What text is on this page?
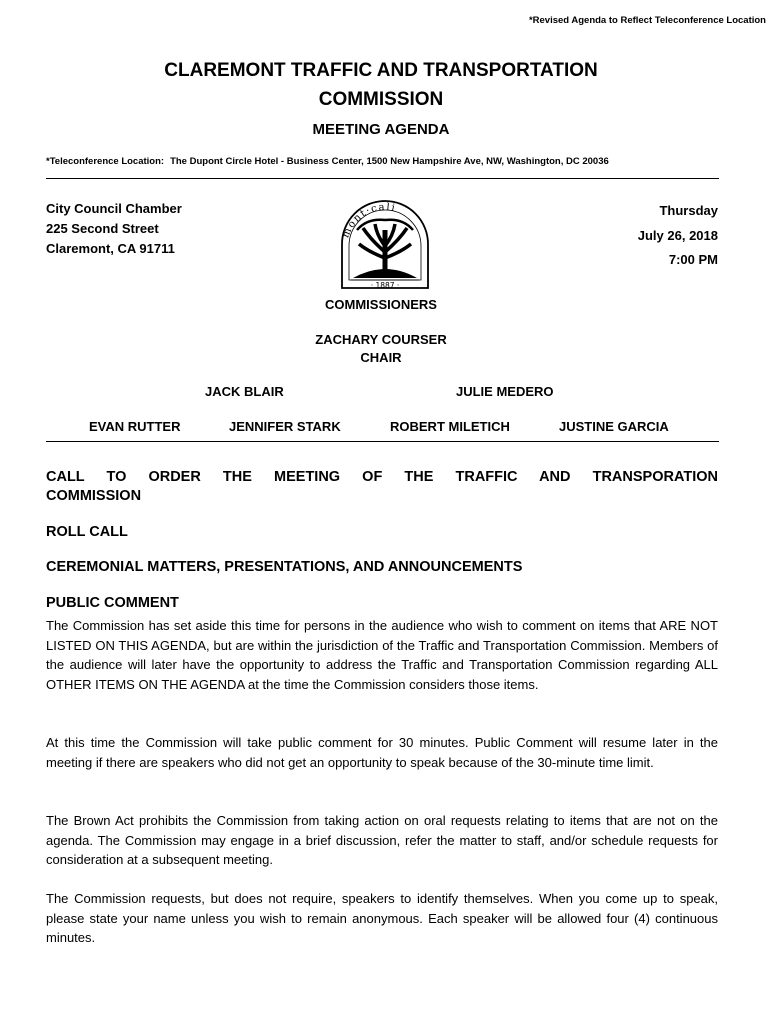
*Revised Agenda to Reflect Teleconference Location
CLAREMONT TRAFFIC AND TRANSPORTATION
COMMISSION
MEETING AGENDA
*Teleconference Location: The Dupont Circle Hotel - Business Center, 1500 New Hampshire Ave, NW, Washington, DC 20036
City Council Chamber
225 Second Street
Claremont, CA 91711
Thursday
July 26, 2018
7:00 PM
mont·cali
· 1887 ·
COMMISSIONERS
ZACHARY COURSER
CHAIR
JACK BLAIR	JULIE MEDERO
EVAN RUTTER	JENNIFER STARK	ROBERT MILETICH	JUSTINE GARCIA
CALL TO ORDER THE MEETING OF THE TRAFFIC AND TRANSPORATION
COMMISSION
ROLL CALL
CEREMONIAL MATTERS, PRESENTATIONS, AND ANNOUNCEMENTS
PUBLIC COMMENT
The Commission has set aside this time for persons in the audience who wish to comment on items that ARE NOT LISTED ON THIS AGENDA, but are within the jurisdiction of the Traffic and Transportation Commission. Members of the audience will later have the opportunity to address the Traffic and Transportation Commission regarding ALL OTHER ITEMS ON THE AGENDA at the time the Commission considers those items.
At this time the Commission will take public comment for 30 minutes. Public Comment will resume later in the meeting if there are speakers who did not get an opportunity to speak because of the 30-minute time limit.
The Brown Act prohibits the Commission from taking action on oral requests relating to items that are not on the agenda. The Commission may engage in a brief discussion, refer the matter to staff, and/or schedule requests for consideration at a subsequent meeting.
The Commission requests, but does not require, speakers to identify themselves. When you come up to speak, please state your name unless you wish to remain anonymous. Each speaker will be allowed four (4) continuous minutes.
